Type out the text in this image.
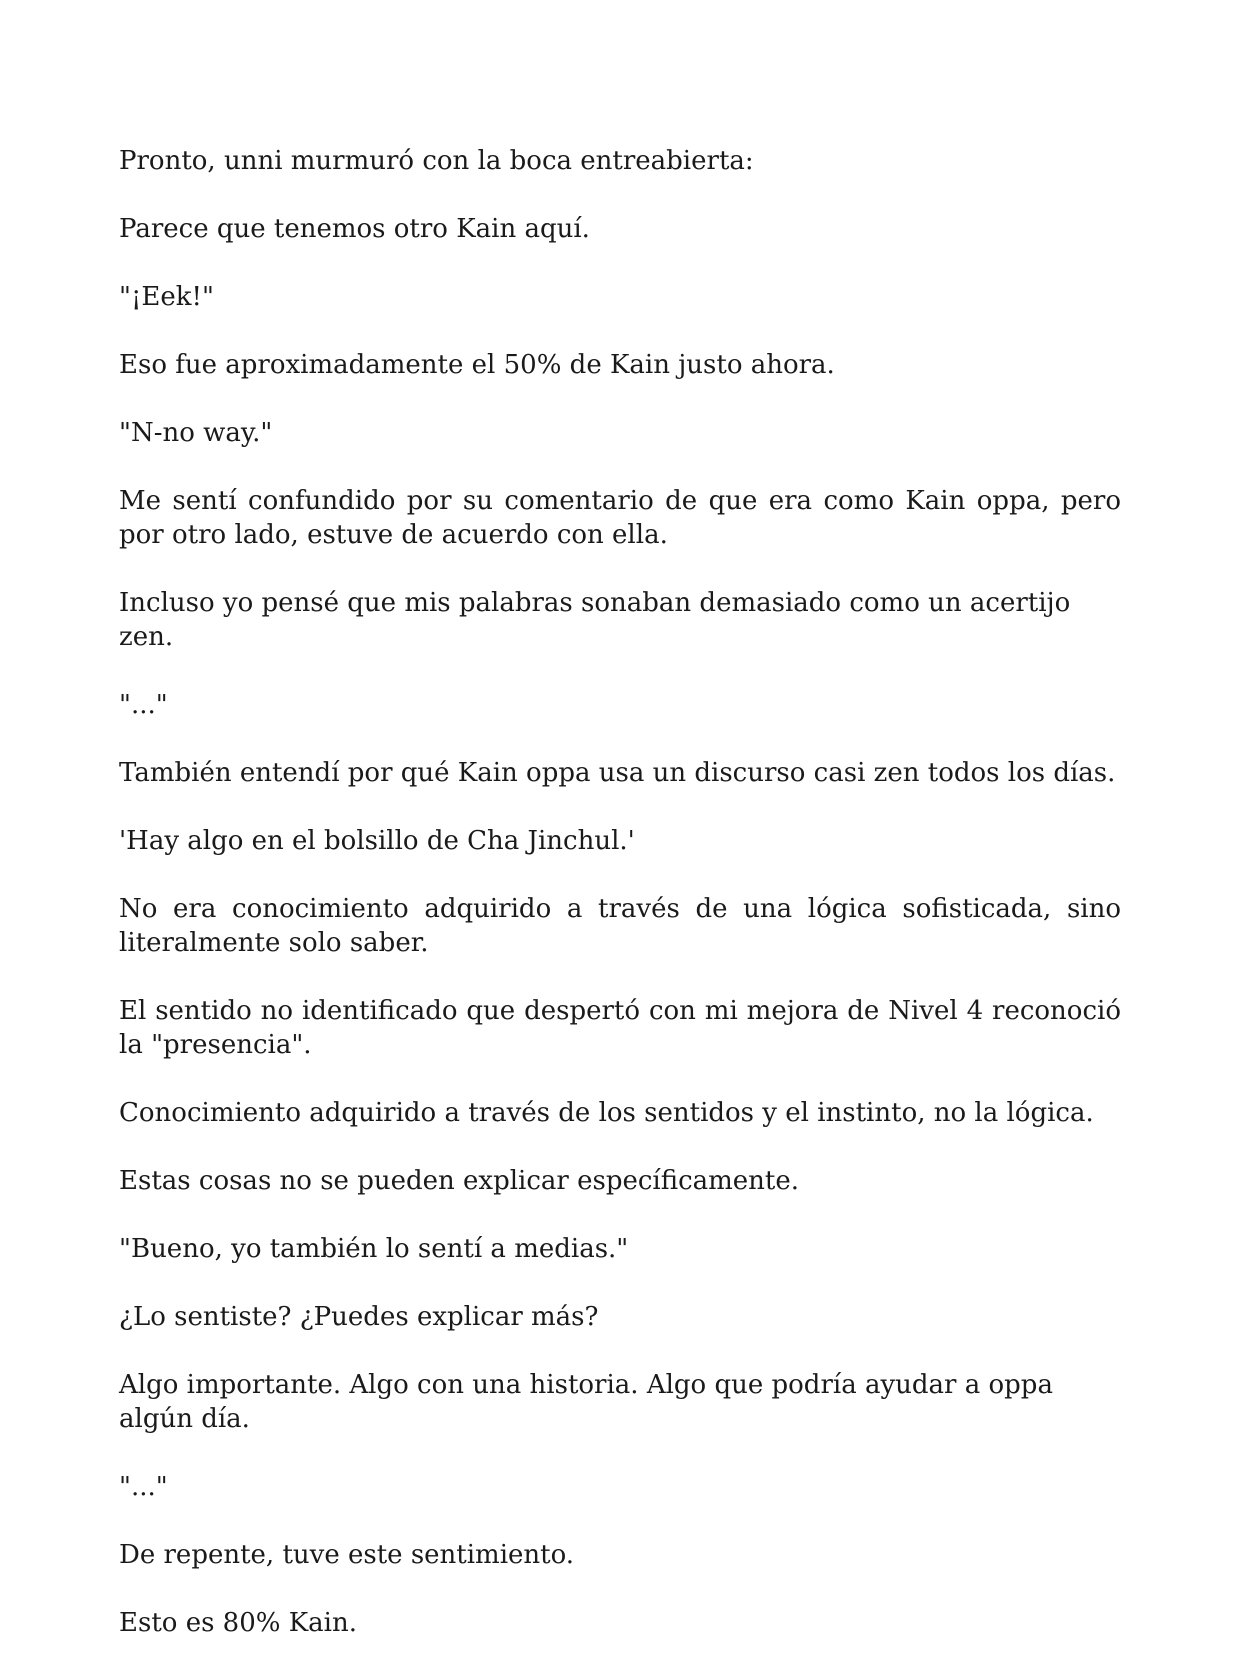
Pronto, unni murmuró con la boca entreabierta:

Parece que tenemos otro Kain aquí.

"¡Eek!"

Eso fue aproximadamente el 50% de Kain justo ahora.

"N-no way."

Me sentí confundido por su comentario de que era como Kain oppa, pero por otro lado, estuve de acuerdo con ella.

Incluso yo pensé que mis palabras sonaban demasiado como un acertijo zen.

"..."

También entendí por qué Kain oppa usa un discurso casi zen todos los días.

'Hay algo en el bolsillo de Cha Jinchul.'

No era conocimiento adquirido a través de una lógica sofisticada, sino literalmente solo saber.

El sentido no identificado que despertó con mi mejora de Nivel 4 reconoció la "presencia".

Conocimiento adquirido a través de los sentidos y el instinto, no la lógica.

Estas cosas no se pueden explicar específicamente.

"Bueno, yo también lo sentí a medias."

¿Lo sentiste? ¿Puedes explicar más?

Algo importante. Algo con una historia. Algo que podría ayudar a oppa algún día.

"..."

De repente, tuve este sentimiento.

Esto es 80% Kain.
